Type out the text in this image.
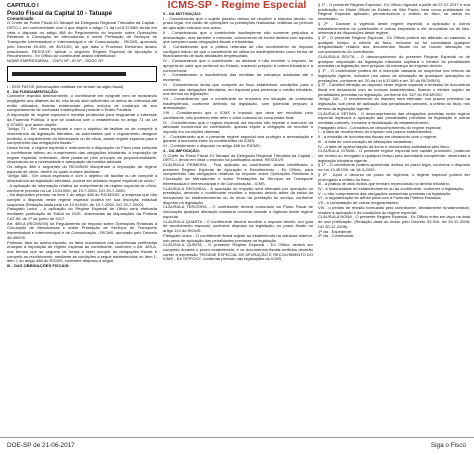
ICMS-SP - Regime Especial

CAPÍTULO I

Posto Fiscal da Capital 10 - Tatuapé

Comunicado

O Chefe do Posto Fiscal-10-Tatuapé da Delegacia Regional Tributária da Capital - DRTC-I, em conformidade com o que dispõe o artigo 71 da Lei 6.374/89, tendo em vista o disposto no artigo 488 do Regulamento do Imposto sobre Operações Relativas à Circulação de Mercadorias e sobre Prestação de Serviços de Transporte Interestadual e Intermunicipal e de Comunicação - RICMS, aprovado pelo Decreto 45.490, de 30/11/00, de que trata o Processo Eletrônico abaixo relacionado, RESOLVE: aplicar o seguinte Regime Especial de Apuração e Recolhimento - Ex Officio ao contribuinte abaixo identificado:

NOME EMPRESARIAL - CNPJ Nº - IE Nº - GDOC Nº:

I - DOS FATOS (Informações omitidas em virtude do sigilo fiscal)

II - DA FUNDAMENTAÇÃO:

Conforme exposto anteriormente, o contribuinte em epígrafe vem se mostrando negligente aos ditames da lei, não tendo sido suficientes os meios de cobrança até então utilizados, ficando evidenciado pelos indícios de mudança de seu comportamento de contumaz inadimplência perante o Erário Paulista.

A imposição de regime especial é medida prudencial para resguardar o interesse da Fazenda Pública, o que se coaduna com o estabelecido no artigo 71 da Lei 6.374/89, que assim dispõe:

"Artigo 71 - Em casos especiais e com o objetivo de facilitar ou de compelir à observância da legislação tributária, as autoridades que o regulamento designar poderão, a requerimento do interessado ou de ofício, adotar regime especial para o cumprimento das obrigações fiscais."

Desta forma, o regime especial é instrumento à disposição do Fisco para compelir o contribuinte faltoso ao cumprimento das obrigações tributárias. A imposição de regime especial, entretanto, deve pautar-se pelo princípio da proporcionalidade, observando-se a necessidade e adequação da medida adotada.

Os artigos 488 e seguintes do RICMS/00 disciplinam a imposição de regime especial de ofício, dentre os quais cumpre destacar:

"Artigo 488 - Em casos especiais e com o objetivo de facilitar ou de compelir à observância da legislação tributária, poderá ser adotado regime especial de ofício."

- A aplicação de informação relativa ao cumprimento de regime especial de ofício, conforme previsto na Lei 10.619/00, de 19-7-2000, DO 20-7-2000;

- Há dispositivo previsto na Item 1 do artigo 488 do RICMS/00, a empresa que não cumprir o disposto neste regime especial poderá ter sua inscrição estadual suspensa (Redação dada pela Lei 10.619/00, de 19-7-2000, DO 20-7-2000).

Parágrafo único - A aplicação do Regime Especial de Ofício será efetivada mediante publicação de Edital no DOE, observadas as disposições da Portaria CAT-59, de 1º de junho de 2017.

Art. 489-A (RICMS/00) do Regulamento do Imposto sobre Operações Relativas à Circulação de Mercadorias e sobre Prestação de Serviços de Transporte Interestadual e Intermunicipal e de Comunicação - RICMS, aprovado pelo Decreto 45.490/00.

Portanto, face ao acima exposto, os fatos reclamados nas ocorrências verificadas ensejam a imposição de regime especial ao contribuinte, conforme o Art. 489-A, nos termos que se seguem de forma a fazer cumprir as obrigações fiscais e compelir ao recolhimento, mediante as condições a seguir estabelecidas no Item 1, item I, do artigo 488 do RICMS, conforme disposto a seguir.

III - DAS OBRIGAÇÕES FISCAIS:

3 - DA MOTIVAÇÃO:

I - Considerando que o sujeito passivo deixou de recolher o imposto devido, no prazo legal, em razão de operações ou prestações realizadas, relativas ao período de apuração indicado nos autos;

II - Considerando que o contribuinte inadimplente não somente prejudica a arrecadação, mas também o mercado, concorrendo de forma desleal com aqueles que cumprem suas obrigações fiscais e tributárias;

III - Considerando que a prática reiterada de não recolhimento do imposto configura indício de que o contribuinte se utiliza do inadimplemento como forma de financiamento de suas atividades empresariais;

IV - Considerando que o contribuinte, ao declarar e não recolher o imposto, se apropria de valor que pertence ao Estado, trazendo prejuízo à ordem tributária e à concorrência;

V - Considerando a insuficiência das medidas de cobrança adotadas até o momento;

VI - Considerando ainda que compete ao fisco estabelecer condições para o controle das obrigações tributárias, em especial para preservar o crédito tributário, nos termos da legislação;

VII - Considerando que o contribuinte se encontra em situação de contumaz inadimplência, conforme definido na legislação, com potencial prejuízo à arrecadação;

VIII - Considerando que o ICMS é imposto que deve ser recolhido pelo contribuinte, não podendo este reter o valor cobrado do consumidor final;

IX - Considerando que o regime especial ora imposto não impede o exercício da atividade econômica do contribuinte, apenas impõe a obrigação de recolher o imposto em condições distintas;

X - Considerando que o presente regime especial visa proteger a arrecadação e garantir a isonomia entre os contribuintes do ICMS;

XI - Considerando o disposto no artigo 488 do RICMS;

4 - DA IMPOSIÇÃO:

O Chefe do Posto Fiscal 10-Tatuapé da Delegacia Regional Tributária da Capital - DRTC-I, tendo em vista o exposto na justificativa acima, RESOLVE:

CLÁUSULA PRIMEIRA - Fica aplicado ao contribuinte acima identificado o presente Regime Especial de Apuração e Recolhimento - Ex Officio, para cumprimento das obrigações relativas ao Imposto sobre Operações Relativas à Circulação de Mercadorias e sobre Prestações de Serviços de Transporte Interestadual e Intermunicipal e de Comunicação - ICMS.

CLÁUSULA SEGUNDA - A apuração do imposto será efetuada por operação ou prestação, devendo o contribuinte recolher o imposto devido antes da saída da mercadoria do estabelecimento ou do início da prestação do serviço, conforme disposto na legislação.

CLÁUSULA TERCEIRA - O contribuinte deverá comunicar ao Posto Fiscal de vinculação qualquer alteração cadastral ocorrida durante a vigência deste regime especial.

CLÁUSULA QUARTA - O contribuinte deverá recolher o imposto devido, em guia de recolhimento especial, conforme disposto na legislação, no prazo fixado no artigo 114 do RICMS.

Parágrafo único - O contribuinte ficará sujeito ao estabelecido na cláusula anterior, sob pena de aplicação das penalidades previstas na legislação.

CLÁUSULA QUINTA - O presente Regime Especial - Ex Officio deverá ser cumprido durante o prazo estabelecido, e os documentos fiscais emitidos deverão conter a expressão "REGIME ESPECIAL DE APURAÇÃO E RECOLHIMENTO DO ICMS - EX OFFICIO", conforme previsto nas legislações do ICMS.

§ 1º - O presente Regime Especial - Ex Officio vigorará a partir de 07-07-2017 e sua publicação no Diário Oficial do Estado de São Paulo, bem como publicidade do Regime Especial aplicado, permanecendo o critério do fisco, se assim for necessário.

§ 2º - Durante a vigência deste regime especial, a aplicação a outros estabelecimentos do contribuinte e outras empresas a ele vinculadas ou de fato, observará as disposições deste regime.

§ 3º - O presente Regime Especial - Ex Officio poderá ser alterado ou cassado, a qualquer tempo, a critério do fisco, inclusive se for constatada qualquer irregularidade relativa aos documentos fiscais ou se houver alteração no comportamento do contribuinte.

CLÁUSULA SEXTA - O descumprimento do presente Regime Especial ou de qualquer disposição da legislação tributária sujeitará o infrator às penalidades previstas na legislação, sem prejuízo da cobrança do imposto devido.

§ 1º - O contribuinte poderá ter a inscrição cassada ou suspensa nos termos da legislação vigente, inclusive nos casos de simulação de quaisquer operações ou prestações, conforme art. 20 da Lei 6.374/89 e art. 30 do RICMS/00.

§ 2º - Constitui infração ao disposto neste regime especial a emissão de documento fiscal em desacordo com as normas estabelecidas, ficando o infrator sujeito às penalidades previstas na legislação, conforme Art. 527 do RICMS/00.

"Artigo 118 - O recolhimento do imposto será efetuado nos prazos previstos na legislação, sob pena de aplicação das penalidades cabíveis, a critério do fisco, nos termos da legislação vigente."

CLÁUSULA SÉTIMA - O descumprimento das obrigações previstas neste regime especial implicará a aplicação das penalidades previstas na legislação e outras medidas cabíveis, inclusive a fiscalização do estabelecimento.

Parágrafo único - Considera-se descumprimento do regime especial:

I - a falta de recolhimento do imposto nos prazos estabelecidos;

II - a emissão de documentos fiscais em desacordo com o regime;

III - a falta de comunicação de alterações cadastrais;

IV - a falta de apresentação de livros e documentos solicitados pelo fisco;

CLÁUSULA OITAVA - O presente regime especial tem caráter provisório, podendo ser revisto ou revogado a qualquer tempo pela autoridade competente, observada a legislação tributária vigente.

§ 1º - O contribuinte poderá apresentar defesa no prazo legal, conforme o disposto na Lei 13.457/09, de 18-3-2009.

§ 2º - Após o decurso do prazo de vigência, o regime especial poderá ser prorrogado a critério do fisco.

III - a prática de atos ilícitos que tenham repercussão no âmbito tributário;

IV - a inidoneidade do estabelecimento ou do contribuinte, conforme a legislação;

V - o não cumprimento das obrigações acessórias previstas na legislação;

VI - a regularização do débito para com a Fazenda Pública Estadual;

VII - a constatação de outras irregularidades;

VIII - o pedido de revisão formulado pelo contribuinte, devidamente fundamentado, relativo à aplicação e às condições do regime especial;

CLÁUSULA NONA - O presente Regime Especial - Ex Officio entra em vigor na data de sua publicação. (Redação dada ao inciso pelo Decreto 53.916, de 29-12-2008; DO 30-12-2008).

1ª via - Expedente;

2ª via - Contribuinte.

DOE-SP de 21-06-2017	Siga o Fisco
